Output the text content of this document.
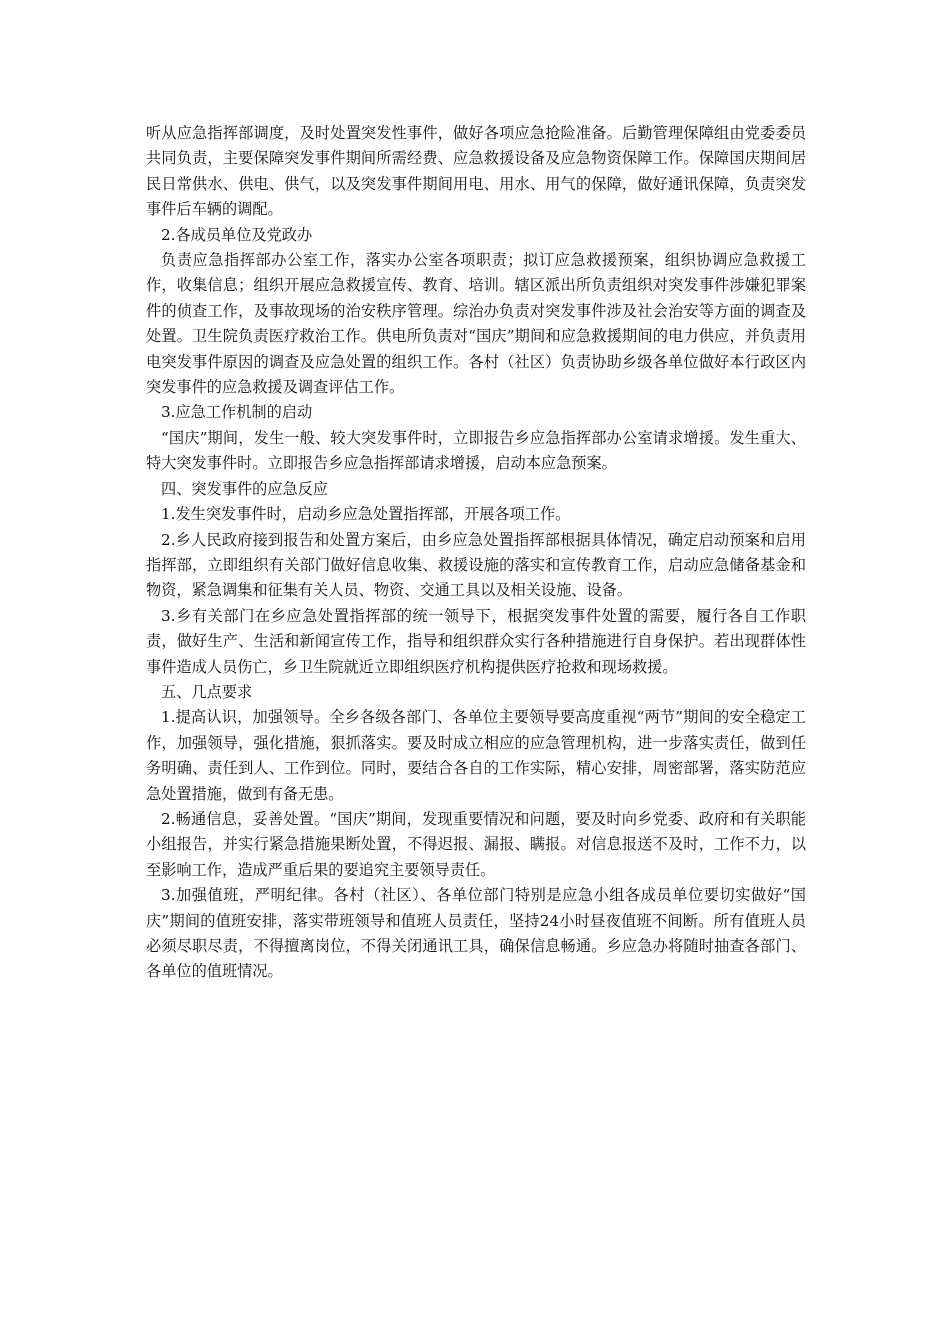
听从应急指挥部调度，及时处置突发性事件，做好各项应急抢险准备。后勤管理保障组由党委委员共同负责，主要保障突发事件期间所需经费、应急救援设备及应急物资保障工作。保障国庆期间居民日常供水、供电、供气，以及突发事件期间用电、用水、用气的保障，做好通讯保障，负责突发事件后车辆的调配。

2.各成员单位及党政办

负责应急指挥部办公室工作，落实办公室各项职责；拟订应急救援预案，组织协调应急救援工作，收集信息；组织开展应急救援宣传、教育、培训。辖区派出所负责组织对突发事件涉嫌犯罪案件的侦查工作，及事故现场的治安秩序管理。综治办负责对突发事件涉及社会治安等方面的调查及处置。卫生院负责医疗救治工作。供电所负责对“国庆”期间和应急救援期间的电力供应，并负责用电突发事件原因的调查及应急处置的组织工作。各村（社区）负责协助乡级各单位做好本行政区内突发事件的应急救援及调查评估工作。

3.应急工作机制的启动

“国庆”期间，发生一般、较大突发事件时，立即报告乡应急指挥部办公室请求增援。发生重大、特大突发事件时。立即报告乡应急指挥部请求增援，启动本应急预案。

四、突发事件的应急反应

1.发生突发事件时，启动乡应急处置指挥部，开展各项工作。

2.乡人民政府接到报告和处置方案后，由乡应急处置指挥部根据具体情况，确定启动预案和启用指挥部，立即组织有关部门做好信息收集、救援设施的落实和宣传教育工作，启动应急储备基金和物资，紧急调集和征集有关人员、物资、交通工具以及相关设施、设备。

3.乡有关部门在乡应急处置指挥部的统一领导下，根据突发事件处置的需要，履行各自工作职责，做好生产、生活和新闻宣传工作，指导和组织群众实行各种措施进行自身保护。若出现群体性事件造成人员伤亡，乡卫生院就近立即组织医疗机构提供医疗抢救和现场救援。

五、几点要求

1.提高认识，加强领导。全乡各级各部门、各单位主要领导要高度重视“两节”期间的安全稳定工作，加强领导，强化措施，狠抓落实。要及时成立相应的应急管理机构，进一步落实责任，做到任务明确、责任到人、工作到位。同时，要结合各自的工作实际，精心安排，周密部署，落实防范应急处置措施，做到有备无患。

2.畅通信息，妥善处置。“国庆”期间，发现重要情况和问题，要及时向乡党委、政府和有关职能小组报告，并实行紧急措施果断处置，不得迟报、漏报、瞒报。对信息报送不及时，工作不力，以至影响工作，造成严重后果的要追究主要领导责任。

3.加强值班，严明纪律。各村（社区）、各单位部门特别是应急小组各成员单位要切实做好“国庆”期间的值班安排，落实带班领导和值班人员责任，坚持24小时昼夜值班不间断。所有值班人员必须尽职尽责，不得擅离岗位，不得关闭通讯工具，确保信息畅通。乡应急办将随时抽查各部门、各单位的值班情况。
